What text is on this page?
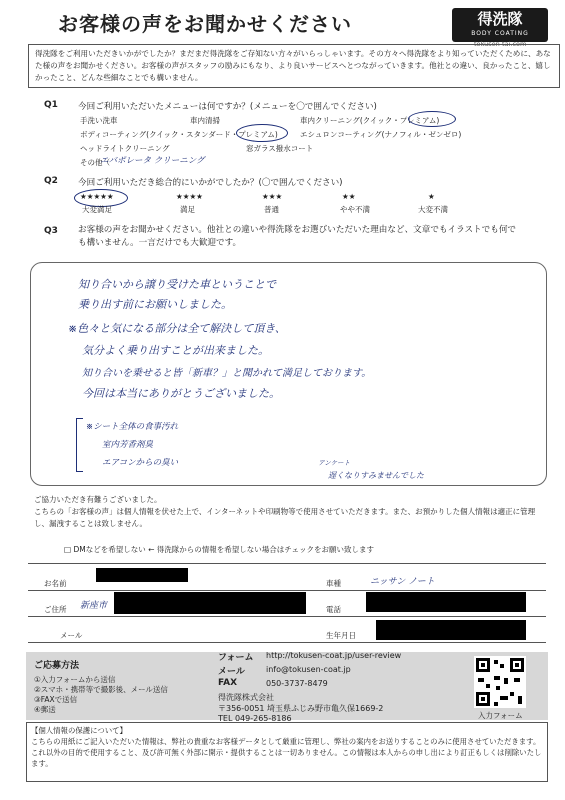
お客様の声をお聞かせください	得洗隊
BODY COATING
得洗隊をご利用いただきいかがでしたか？まだまだ得洗隊をご存知ない方々がいらっしゃいます。その方々へ得洗隊をより知っていただくために、あなた様の声をお聞かせください。お客様の声がスタッフの励みにもなり、より良いサービスへとつながっていきます。他社との違い、良かったこと、嬉しかったこと、どんな些細なことでも構いません。
Q1 今回ご利用いただいたメニューは何ですか？(メニューを〇で囲んでください)
手洗い洗車	車内清掃	車内クリーニング(クイック・プレミアム)
ボディコーティング(クイック・スタンダード・プレミアム)	エシュロンコーティング(ナノフィル・ゼンゼロ)
ヘッドライトクリーニング	窓ガラス撥水コート
その他（
エバポレータ クリーニング
Q2 今回ご利用いただき総合的にいかがでしたか？(〇で囲んでください)
★★★★★
大変満足
★★★★
満足
★★★
普通
★★
やや不満
★
大変不満
Q3 お客様の声をお聞かせください。他社との違いや得洗隊をお選びいただいた理由など、文章でもイラストでも何でも構いません。一言だけでも大歓迎です。
知り合いから譲り受けた車ということで
乗り出す前にお願いしました。
※色々と気になる部分は全て解決して頂き、
気分よく乗り出すことが出来ました。
知り合いを乗せると皆「新車？」と聞かれて満足しております。
今回は本当にありがとうございました。
※シート全体の食事汚れ
室内芳香剤臭
エアコンからの臭い	アンケート
遅くなりすみませんでした
ご協力いただき有難うございました。
こちらの「お客様の声」は個人情報を伏せた上で、インターネットや印刷物等で使用させていただきます。また、お預かりした個人情報は適正に管理し、漏洩することは致しません。
□ DMなどを希望しない ← 得洗隊からの情報を希望しない場合はチェックをお願い致します
お名前	車種	ニッサン ノート
ご住所 新座市	電話
メール	生年月日
ご応募方法
①入力フォームから送信
②スマホ・携帯等で撮影後、メール送信
③FAXで送信
④郵送
フォーム http://tokusen-coat.jp/user-review
メール	info@tokusen-coat.jp
FAX	050-3737-8479
得洗隊株式会社
〒356-0051 埼玉県ふじみ野市亀久保1669-2
TEL 049-265-8186	入力フォーム
tokusen-tai.com
【個人情報の保護について】
こちらの用紙にご記入いただいた情報は、弊社の貴重なお客様データとして厳重に管理し、弊社の案内をお送りすることのみに使用させていただきます。これ以外の目的で使用すること、及び許可無く外部に開示・提供することは一切ありません。この情報は本人からの申し出により訂正もしくは削除いたします。
